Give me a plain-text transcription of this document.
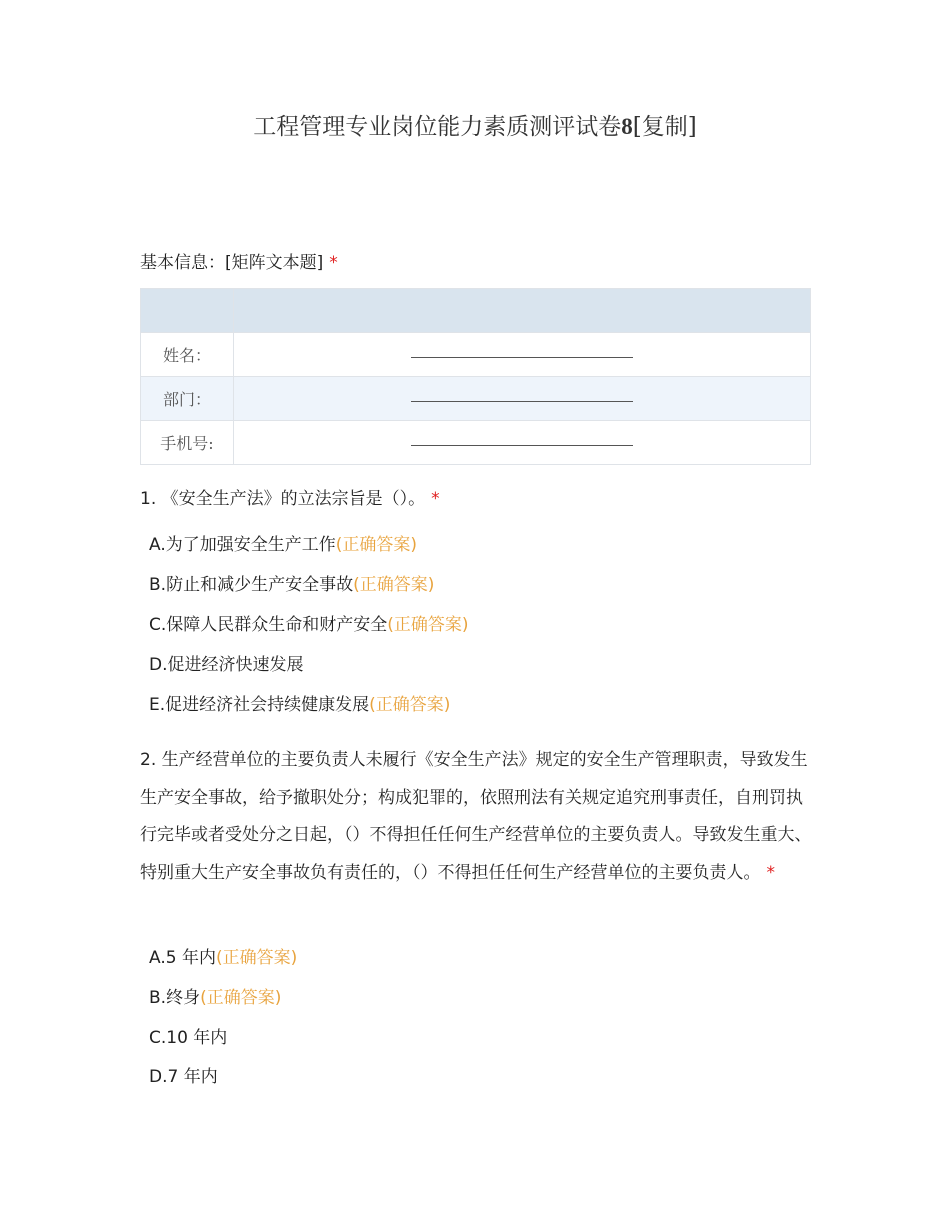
工程管理专业岗位能力素质测评试卷8[复制]
基本信息：[矩阵文本题] *

姓名：	
部门：	
手机号:	
1. 《安全生产法》的立法宗旨是（）。 *
A.为了加强安全生产工作(正确答案)
B.防止和减少生产安全事故(正确答案)
C.保障人民群众生命和财产安全(正确答案)
D.促进经济快速发展
E.促进经济社会持续健康发展(正确答案)
2. 生产经营单位的主要负责人未履行《安全生产法》规定的安全生产管理职责，导致发生生产安全事故，给予撤职处分；构成犯罪的，依照刑法有关规定追究刑事责任，自刑罚执行完毕或者受处分之日起，（）不得担任任何生产经营单位的主要负责人。导致发生重大、特别重大生产安全事故负有责任的，（）不得担任任何生产经营单位的主要负责人。 *
A.5 年内(正确答案)
B.终身(正确答案)
C.10 年内
D.7 年内
